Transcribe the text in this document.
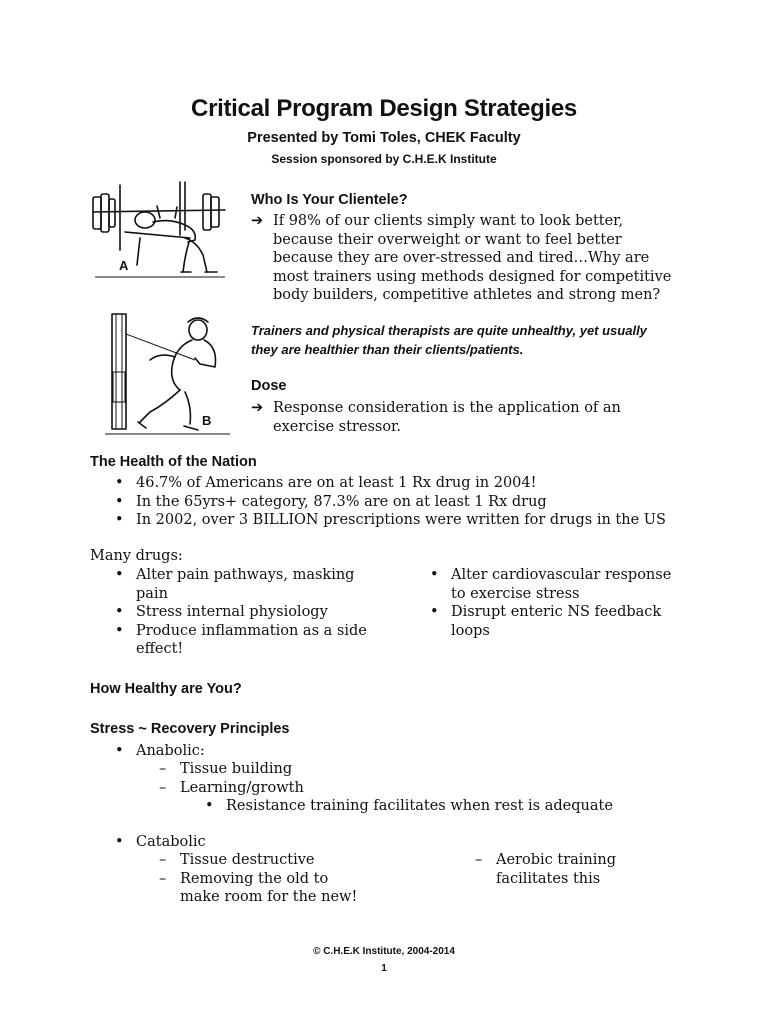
Critical Program Design Strategies
Presented by Tomi Toles, CHEK Faculty
Session sponsored by C.H.E.K Institute
A
B
Who Is Your Clientele?
➔ If 98% of our clients simply want to look better, because their overweight or want to feel better because they are over-stressed and tired…Why are most trainers using methods designed for competitive body builders, competitive athletes and strong men?
Trainers and physical therapists are quite unhealthy, yet usually they are healthier than their clients/patients.
Dose
➔ Response consideration is the application of an exercise stressor.
The Health of the Nation
• 46.7% of Americans are on at least 1 Rx drug in 2004!
• In the 65yrs+ category, 87.3% are on at least 1 Rx drug
• In 2002, over 3 BILLION prescriptions were written for drugs in the US
Many drugs:
• Alter pain pathways, masking pain
• Stress internal physiology
• Produce inflammation as a side effect!
• Alter cardiovascular response to exercise stress
• Disrupt enteric NS feedback loops
How Healthy are You?
Stress ~ Recovery Principles
• Anabolic:
– Tissue building
– Learning/growth
• Resistance training facilitates when rest is adequate
• Catabolic
– Tissue destructive
– Removing the old to make room for the new!
– Aerobic training facilitates this
© C.H.E.K Institute, 2004-2014
1
